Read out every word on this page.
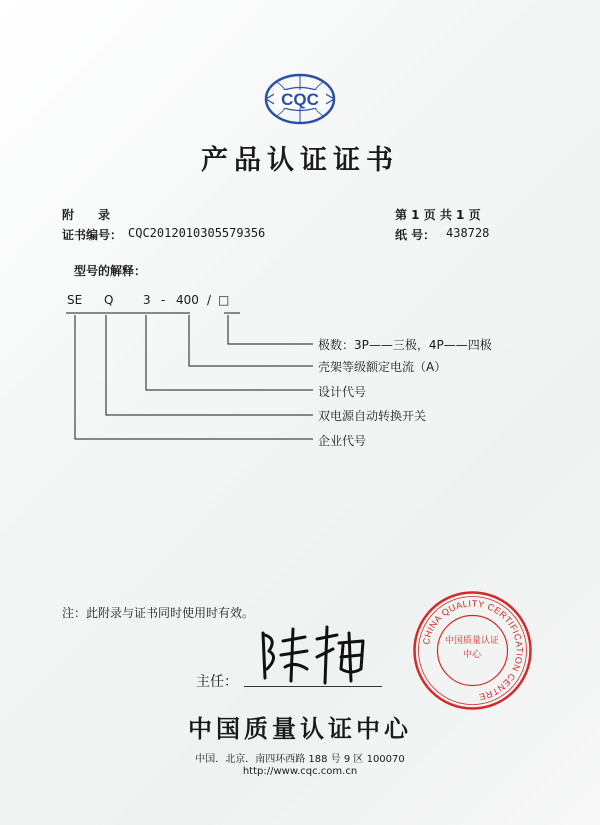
CQC
产品认证证书
附　　录	第 1 页 共 1 页
证书编号： CQC2012010305579356	纸 号： 438728
型号的解释：
SE Q 3 - 400 / □
极数：3P——三极，4P——四极
壳架等级额定电流（A）
设计代号
双电源自动转换开关
企业代号
注：此附录与证书同时使用时有效。
主任：
CHINA QUALITY CERTIFICATION CENTRE
中国质量认证中心
中国质量认证中心
中国．北京．南四环西路 188 号 9 区 100070
http://www.cqc.com.cn
